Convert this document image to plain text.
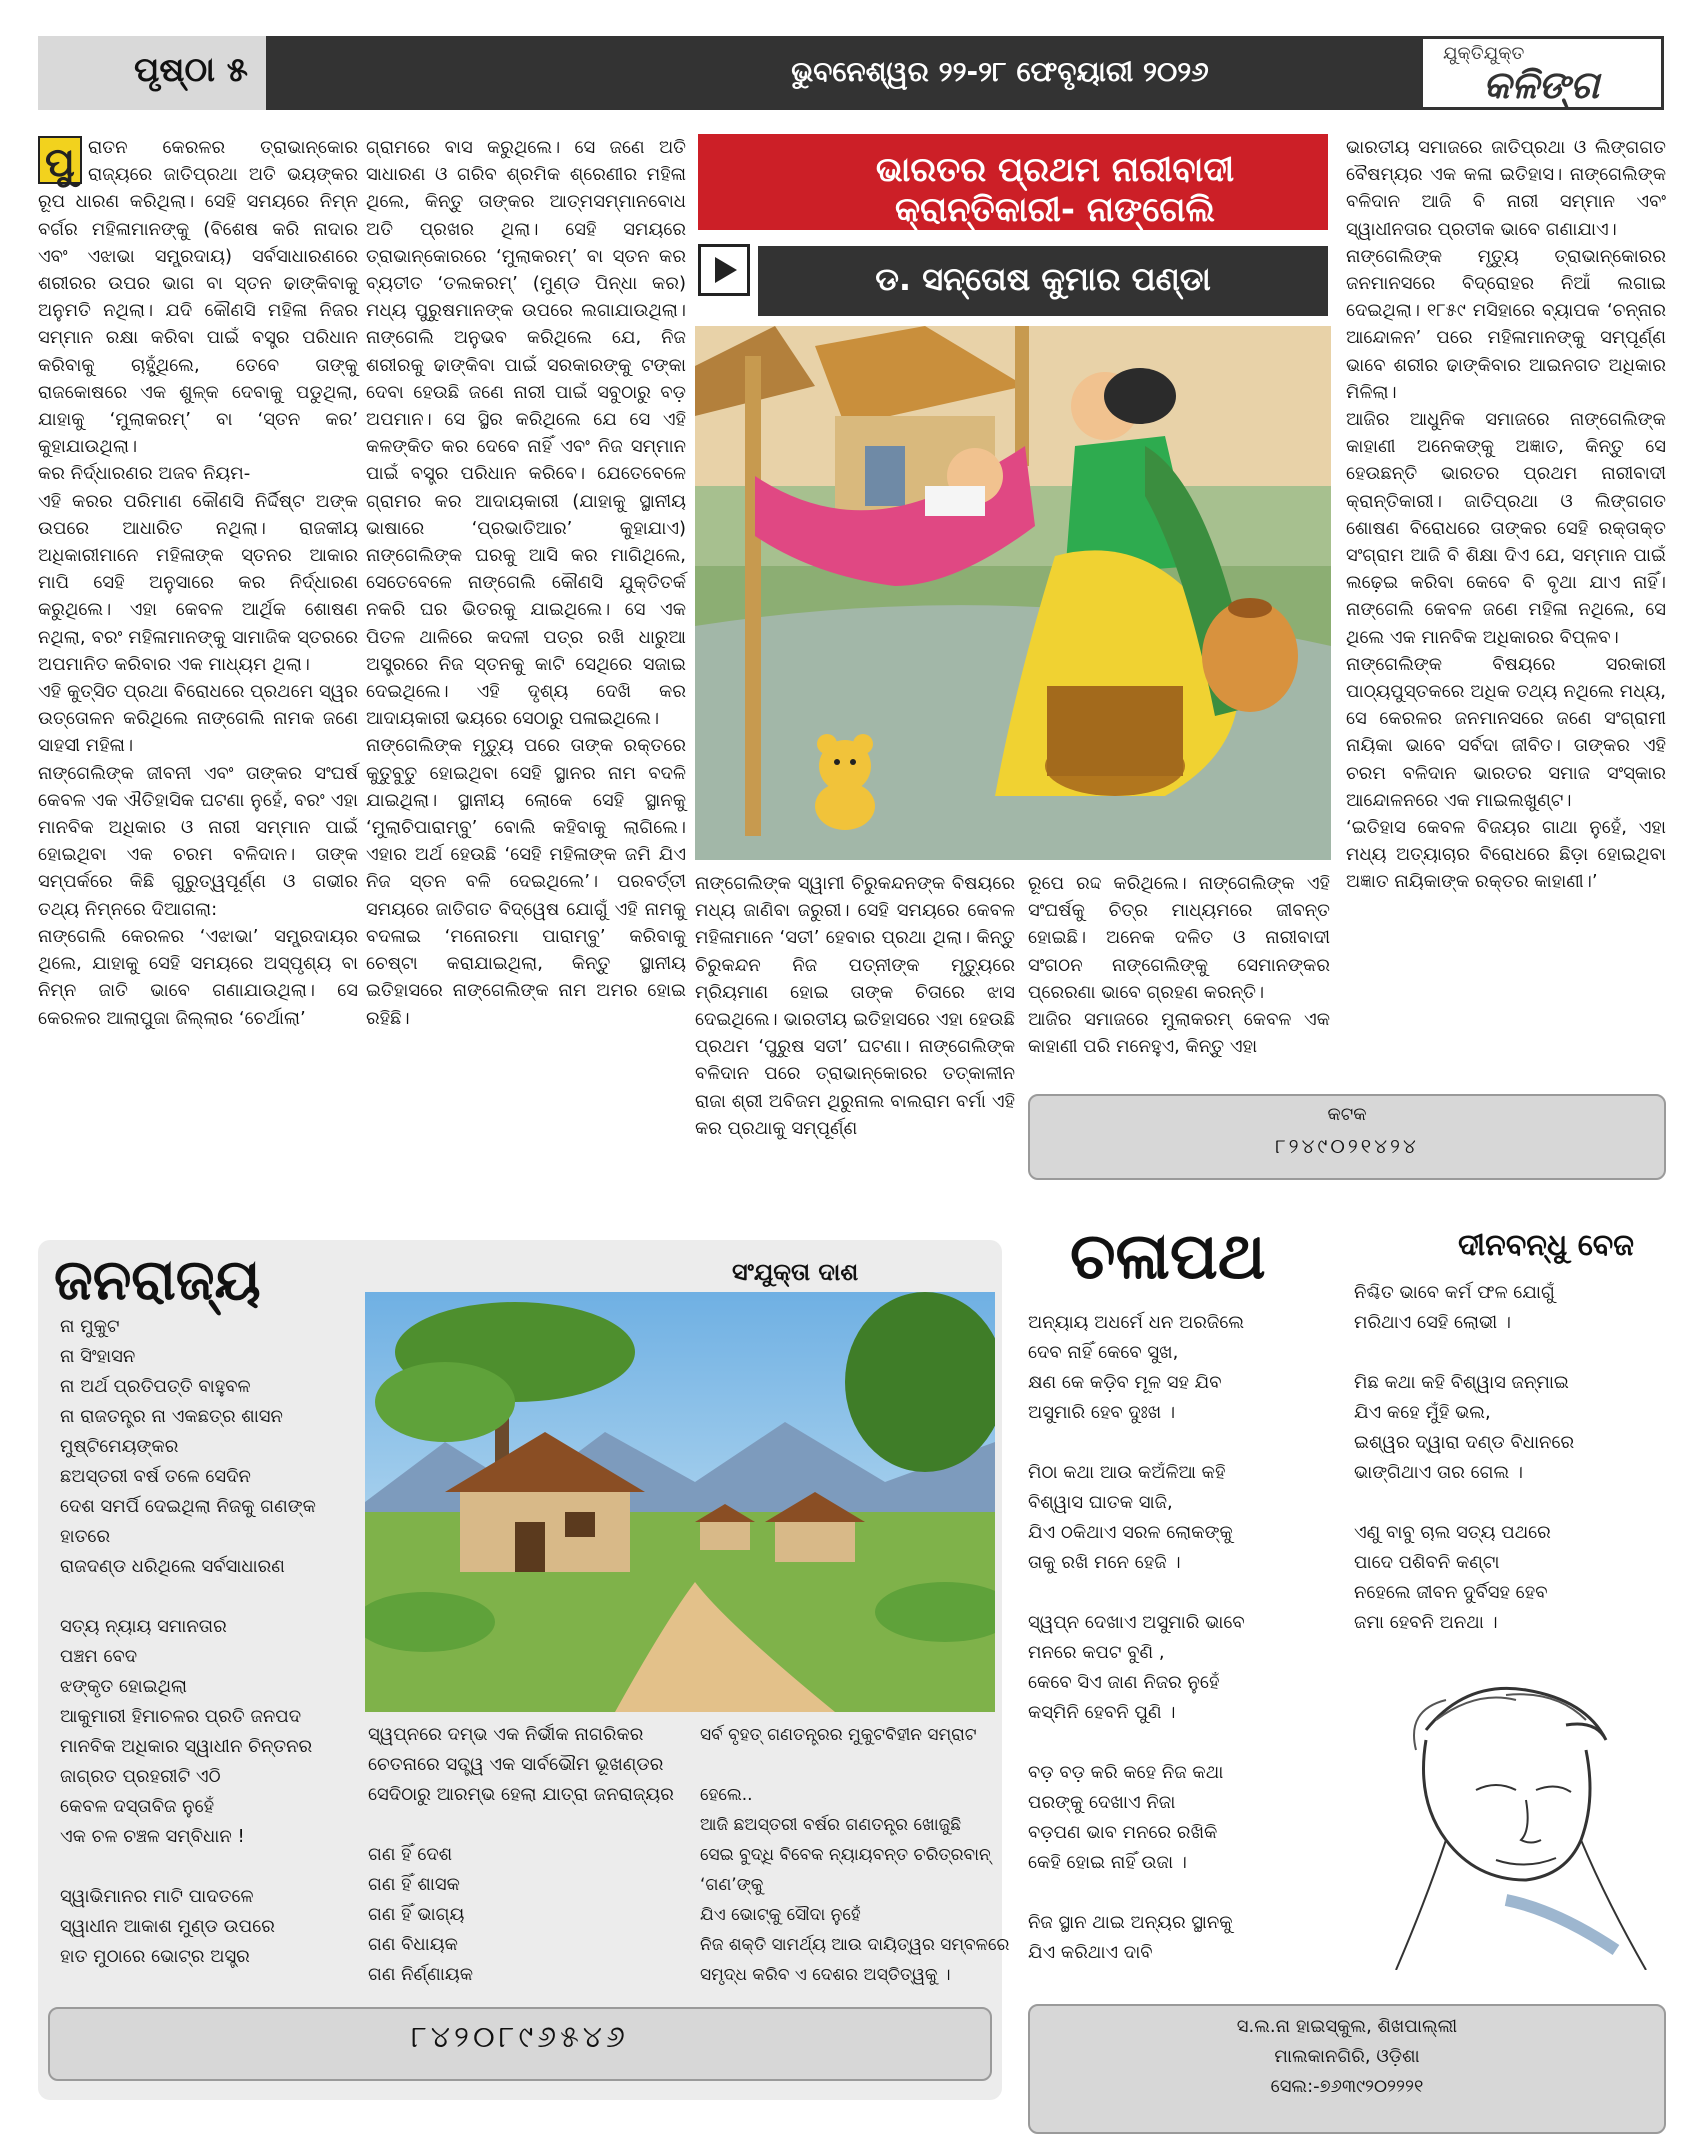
ପୃଷ୍ଠା ୫	ଭୁବନେଶ୍ୱର ୨୨-୨୮ ଫେବୃୟାରୀ ୨୦୨୬
ଯୁକ୍ତିଯୁକ୍ତ
କଳିଙ୍ଗ
ପୁ ରାତନ କେରଳର ତ୍ରାଭାନ୍‌କୋର ରାଜ୍ୟରେ ଜାତିପ୍ରଥା ଅତି ଭୟଙ୍କର ରୂପ ଧାରଣ କରିଥିଲା। ସେହି ସମୟରେ ନିମ୍ନ ବର୍ଗର ମହିଳାମାନଙ୍କୁ (ବିଶେଷ କରି ନାଦାର ଏବଂ ଏଝାଭା ସମ୍ପ୍ରଦାୟ) ସର୍ବସାଧାରଣରେ ଶରୀରର ଉପର ଭାଗ ବା ସ୍ତନ ଢାଙ୍କିବାକୁ ଅନୁମତି ନଥିଲା। ଯଦି କୌଣସି ମହିଳା ନିଜର ସମ୍ମାନ ରକ୍ଷା କରିବା ପାଇଁ ବସ୍ତ୍ର ପରିଧାନ କରିବାକୁ ଚାହୁଁଥିଲେ, ତେବେ ତାଙ୍କୁ ରାଜକୋଷରେ ଏକ ଶୁଳ୍କ ଦେବାକୁ ପଡୁଥିଲା, ଯାହାକୁ ‘ମୁଲାକରମ୍’ ବା ‘ସ୍ତନ କର’ କୁହାଯାଉଥିଲା।

କର ନିର୍ଦ୍ଧାରଣର ଅଜବ ନିୟମ-

ଏହି କରର ପରିମାଣ କୌଣସି ନିର୍ଦ୍ଦିଷ୍ଟ ଅଙ୍କ ଉପରେ ଆଧାରିତ ନଥିଲା। ରାଜକୀୟ ଅଧିକାରୀମାନେ ମହିଳାଙ୍କ ସ୍ତନର ଆକାର ମାପି ସେହି ଅନୁସାରେ କର ନିର୍ଦ୍ଧାରଣ କରୁଥିଲେ। ଏହା କେବଳ ଆର୍ଥିକ ଶୋଷଣ ନଥିଲା, ବରଂ ମହିଳାମାନଙ୍କୁ ସାମାଜିକ ସ୍ତରରେ ଅପମାନିତ କରିବାର ଏକ ମାଧ୍ୟମ ଥିଲା।

ଏହି କୁତ୍ସିତ ପ୍ରଥା ବିରୋଧରେ ପ୍ରଥମେ ସ୍ୱର ଉତ୍ତୋଳନ କରିଥିଲେ ନାଙ୍ଗେଲି ନାମକ ଜଣେ ସାହସୀ ମହିଳା।

ନାଙ୍ଗେଲିଙ୍କ ଜୀବନୀ ଏବଂ ତାଙ୍କର ସଂଘର୍ଷ କେବଳ ଏକ ଐତିହାସିକ ଘଟଣା ନୁହେଁ, ବରଂ ଏହା ମାନବିକ ଅଧିକାର ଓ ନାରୀ ସମ୍ମାନ ପାଇଁ ହୋଇଥିବା ଏକ ଚରମ ବଳିଦାନ। ତାଙ୍କ ସମ୍ପର୍କରେ କିଛି ଗୁରୁତ୍ୱପୂର୍ଣ୍ଣ ଓ ଗଭୀର ତଥ୍ୟ ନିମ୍ନରେ ଦିଆଗଲା:

ନାଙ୍ଗେଲି କେରଳର ‘ଏଝାଭା’ ସମ୍ପ୍ରଦାୟର ଥିଲେ, ଯାହାକୁ ସେହି ସମୟରେ ଅସ୍ପୃଶ୍ୟ ବା ନିମ୍ନ ଜାତି ଭାବେ ଗଣାଯାଉଥିଲା। ସେ କେରଳର ଆଲାପୁଜା ଜିଲ୍ଲାର ‘ଚେର୍ଥାଲା’

ଗ୍ରାମରେ ବାସ କରୁଥିଲେ। ସେ ଜଣେ ଅତି ସାଧାରଣ ଓ ଗରିବ ଶ୍ରମିକ ଶ୍ରେଣୀର ମହିଳା ଥିଲେ, କିନ୍ତୁ ତାଙ୍କର ଆତ୍ମସମ୍ମାନବୋଧ ଅତି ପ୍ରଖର ଥିଲା। ସେହି ସମୟରେ ତ୍ରାଭାନ୍‌କୋରରେ ‘ମୁଲାକରମ୍’ ବା ସ୍ତନ କର ବ୍ୟତୀତ ‘ତଲକରମ୍’ (ମୁଣ୍ଡ ପିନ୍ଧା କର) ମଧ୍ୟ ପୁରୁଷମାନଙ୍କ ଉପରେ ଲଗାଯାଉଥିଲା। ନାଙ୍ଗେଲି ଅନୁଭବ କରିଥିଲେ ଯେ, ନିଜ ଶରୀରକୁ ଢାଙ୍କିବା ପାଇଁ ସରକାରଙ୍କୁ ଟଙ୍କା ଦେବା ହେଉଛି ଜଣେ ନାରୀ ପାଇଁ ସବୁଠାରୁ ବଡ଼ ଅପମାନ। ସେ ସ୍ଥିର କରିଥିଲେ ଯେ ସେ ଏହି କଳଙ୍କିତ କର ଦେବେ ନାହିଁ ଏବଂ ନିଜ ସମ୍ମାନ ପାଇଁ ବସ୍ତ୍ର ପରିଧାନ କରିବେ। ଯେତେବେଳେ ଗ୍ରାମର କର ଆଦାୟକାରୀ (ଯାହାକୁ ସ୍ଥାନୀୟ ଭାଷାରେ ‘ପ୍ରଭାତିଆର’ କୁହାଯାଏ) ନାଙ୍ଗେଲିଙ୍କ ଘରକୁ ଆସି କର ମାଗିଥିଲେ, ସେତେବେଳେ ନାଙ୍ଗେଲି କୌଣସି ଯୁକ୍ତିତର୍କ ନକରି ଘର ଭିତରକୁ ଯାଇଥିଲେ। ସେ ଏକ ପିତଳ ଥାଳିରେ କଦଳୀ ପତ୍ର ରଖି ଧାରୁଆ ଅସ୍ତ୍ରରେ ନିଜ ସ୍ତନକୁ କାଟି ସେଥିରେ ସଜାଇ ଦେଇଥିଲେ। ଏହି ଦୃଶ୍ୟ ଦେଖି କର ଆଦାୟକାରୀ ଭୟରେ ସେଠାରୁ ପଳାଇଥିଲେ।

ନାଙ୍ଗେଲିଙ୍କ ମୃତ୍ୟୁ ପରେ ତାଙ୍କ ରକ୍ତରେ କୁତୁବୁତୁ ହୋଇଥିବା ସେହି ସ୍ଥାନର ନାମ ବଦଳି ଯାଇଥିଲା। ସ୍ଥାନୀୟ ଲୋକେ ସେହି ସ୍ଥାନକୁ ‘ମୁଲାଚିପାରାମ୍ବୁ’ ବୋଲି କହିବାକୁ ଲାଗିଲେ। ଏହାର ଅର୍ଥ ହେଉଛି ‘ସେହି ମହିଳାଙ୍କ ଜମି ଯିଏ ନିଜ ସ୍ତନ ବଳି ଦେଇଥିଲେ’। ପରବର୍ତ୍ତୀ ସମୟରେ ଜାତିଗତ ବିଦ୍ୱେଷ ଯୋଗୁଁ ଏହି ନାମକୁ ବଦଳାଇ ‘ମନୋରମା ପାରାମ୍ବୁ’ କରିବାକୁ ଚେଷ୍ଟା କରାଯାଇଥିଲା, କିନ୍ତୁ ସ୍ଥାନୀୟ ଇତିହାସରେ ନାଙ୍ଗେଲିଙ୍କ ନାମ ଅମର ହୋଇ ରହିଛି।

ଭାରତର ପ୍ରଥମ ନାରୀବାଦୀ କ୍ରାନ୍ତିକାରୀ- ନାଙ୍ଗେଲି
ଡ. ସନ୍ତୋଷ କୁମାର ପଣ୍ଡା

ନାଙ୍ଗେଲିଙ୍କ ସ୍ୱାମୀ ଚିରୁକନ୍ଦନଙ୍କ ବିଷୟରେ ମଧ୍ୟ ଜାଣିବା ଜରୁରୀ। ସେହି ସମୟରେ କେବଳ ମହିଳାମାନେ ‘ସତୀ’ ହେବାର ପ୍ରଥା ଥିଲା। କିନ୍ତୁ ଚିରୁକନ୍ଦନ ନିଜ ପତ୍ନୀଙ୍କ ମୃତ୍ୟୁରେ ମ୍ରିୟମାଣ ହୋଇ ତାଙ୍କ ଚିତାରେ ଝାସ ଦେଇଥିଲେ। ଭାରତୀୟ ଇତିହାସରେ ଏହା ହେଉଛି ପ୍ରଥମ ‘ପୁରୁଷ ସତୀ’ ଘଟଣା। ନାଙ୍ଗେଲିଙ୍କ ବଳିଦାନ ପରେ ତ୍ରାଭାନ୍‌କୋରର ତତ୍କାଳୀନ ରାଜା ଶ୍ରୀ ଅବିଜମ ଥିରୁନାଲ ବାଲରାମ ବର୍ମା ଏହି କର ପ୍ରଥାକୁ ସମ୍ପୂର୍ଣ୍ଣ

ରୂପେ ରଦ୍ଦ କରିଥିଲେ। ନାଙ୍ଗେଲିଙ୍କ ଏହି ସଂଘର୍ଷକୁ ଚିତ୍ର ମାଧ୍ୟମରେ ଜୀବନ୍ତ ହୋଇଛି। ଅନେକ ଦଳିତ ଓ ନାରୀବାଦୀ ସଂଗଠନ ନାଙ୍ଗେଲିଙ୍କୁ ସେମାନଙ୍କର ପ୍ରେରଣା ଭାବେ ଗ୍ରହଣ କରନ୍ତି।

ଆଜିର ସମାଜରେ ମୁଲାକରମ୍ କେବଳ ଏକ କାହାଣୀ ପରି ମନେହୁଏ, କିନ୍ତୁ ଏହା

ଭାରତୀୟ ସମାଜରେ ଜାତିପ୍ରଥା ଓ ଲିଙ୍ଗଗତ ବୈଷମ୍ୟର ଏକ କଳା ଇତିହାସ। ନାଙ୍ଗେଲିଙ୍କ ବଳିଦାନ ଆଜି ବି ନାରୀ ସମ୍ମାନ ଏବଂ ସ୍ୱାଧୀନତାର ପ୍ରତୀକ ଭାବେ ଗଣାଯାଏ।

ନାଙ୍ଗେଲିଙ୍କ ମୃତ୍ୟୁ ତ୍ରାଭାନ୍‌କୋରର ଜନମାନସରେ ବିଦ୍ରୋହର ନିଆଁ ଲଗାଇ ଦେଇଥିଲା। ୧୮୫୯ ମସିହାରେ ବ୍ୟାପକ ‘ଚନ୍ନାର ଆନ୍ଦୋଳନ’ ପରେ ମହିଳାମାନଙ୍କୁ ସମ୍ପୂର୍ଣ୍ଣ ଭାବେ ଶରୀର ଢାଙ୍କିବାର ଆଇନଗତ ଅଧିକାର ମିଳିଲା।

ଆଜିର ଆଧୁନିକ ସମାଜରେ ନାଙ୍ଗେଲିଙ୍କ କାହାଣୀ ଅନେକଙ୍କୁ ଅଜ୍ଞାତ, କିନ୍ତୁ ସେ ହେଉଛନ୍ତି ଭାରତର ପ୍ରଥମ ନାରୀବାଦୀ କ୍ରାନ୍ତିକାରୀ। ଜାତିପ୍ରଥା ଓ ଲିଙ୍ଗଗତ ଶୋଷଣ ବିରୋଧରେ ତାଙ୍କର ସେହି ରକ୍ତାକ୍ତ ସଂଗ୍ରାମ ଆଜି ବି ଶିକ୍ଷା ଦିଏ ଯେ, ସମ୍ମାନ ପାଇଁ ଲଢ଼େଇ କରିବା କେବେ ବି ବୃଥା ଯାଏ ନାହିଁ। ନାଙ୍ଗେଲି କେବଳ ଜଣେ ମହିଳା ନଥିଲେ, ସେ ଥିଲେ ଏକ ମାନବିକ ଅଧିକାରର ବିପ୍ଳବ।

ନାଙ୍ଗେଲିଙ୍କ ବିଷୟରେ ସରକାରୀ ପାଠ୍ୟପୁସ୍ତକରେ ଅଧିକ ତଥ୍ୟ ନଥିଲେ ମଧ୍ୟ, ସେ କେରଳର ଜନମାନସରେ ଜଣେ ସଂଗ୍ରାମୀ ନାୟିକା ଭାବେ ସର୍ବଦା ଜୀବିତ। ତାଙ୍କର ଏହି ଚରମ ବଳିଦାନ ଭାରତର ସମାଜ ସଂସ୍କାର ଆନ୍ଦୋଳନରେ ଏକ ମାଇଲଖୁଣ୍ଟ।

‘ଇତିହାସ କେବଳ ବିଜୟର ଗାଥା ନୁହେଁ, ଏହା ମଧ୍ୟ ଅତ୍ୟାଚାର ବିରୋଧରେ ଛିଡ଼ା ହୋଇଥିବା ଅଜ୍ଞାତ ନାୟିକାଙ୍କ ରକ୍ତର କାହାଣୀ।’

କଟକ
୮୨୪୯୦୨୧୪୨୪
ଜନରାଜ୍ୟ	ସଂଯୁକ୍ତା ଦାଶ
ନା ମୁକୁଟ
ନା ସିଂହାସନ
ନା ଅର୍ଥ ପ୍ରତିପତ୍ତି ବାହୁବଳ
ନା ରାଜତନ୍ତ୍ର ନା ଏକଛତ୍ର ଶାସନ
ମୁଷ୍ଟିମେୟଙ୍କର
ଛଅସ୍ତରୀ ବର୍ଷ ତଳେ ସେଦିନ
ଦେଶ ସମର୍ପି ଦେଇଥିଲା ନିଜକୁ ଗଣଙ୍କ
ହାତରେ
ରାଜଦଣ୍ଡ ଧରିଥିଲେ ସର୍ବସାଧାରଣ
ସତ୍ୟ ନ୍ୟାୟ ସମାନତାର
ପଞ୍ଚମ ବେଦ
ଝଙ୍କୃତ ହୋଇଥିଲା
ଆକୁମାରୀ ହିମାଚଳର ପ୍ରତି ଜନପଦ
ମାନବିକ ଅଧିକାର ସ୍ୱାଧୀନ ଚିନ୍ତନର
ଜାଗ୍ରତ ପ୍ରହରୀଟି ଏଠି
କେବଳ ଦସ୍ତାବିଜ ନୁହେଁ
ଏକ ଚଳ ଚଞ୍ଚଳ ସମ୍ବିଧାନ !
ସ୍ୱାଭିମାନର ମାଟି ପାଦତଳେ
ସ୍ୱାଧୀନ ଆକାଶ ମୁଣ୍ଡ ଉପରେ
ହାତ ମୁଠାରେ ଭୋଟ୍ର ଅସ୍ତ୍ର
ସ୍ୱପ୍ନରେ ଦମ୍ଭ ଏକ ନିର୍ଭୀକ ନାଗରିକର
ଚେତନାରେ ସତ୍ତ୍ୱ ଏକ ସାର୍ବଭୌମ ଭୂଖଣ୍ଡର
ସେଦିଠାରୁ ଆରମ୍ଭ ହେଲା ଯାତ୍ରା ଜନରାଜ୍ୟର
ଗଣ ହିଁ ଦେଶ
ଗଣ ହିଁ ଶାସକ
ଗଣ ହିଁ ଭାଗ୍ୟ
ଗଣ ବିଧାୟକ
ଗଣ ନିର୍ଣ୍ଣାୟକ
ସର୍ବ ବୃହତ୍ ଗଣତନ୍ତ୍ରର ମୁକୁଟବିହୀନ ସମ୍ରାଟ
ହେଲେ..
ଆଜି ଛଅସ୍ତରୀ ବର୍ଷର ଗଣତନ୍ତ୍ର ଖୋଜୁଛି
ସେଇ ବୁଦ୍ଧି ବିବେକ ନ୍ୟାୟବନ୍ତ ଚରିତ୍ରବାନ୍
‘ଗଣ’ଙ୍କୁ
ଯିଏ ଭୋଟ୍‌କୁ ସୌଦା ନୁହେଁ
ନିଜ ଶକ୍ତି ସାମର୍ଥ୍ୟ ଆଉ ଦାୟିତ୍ୱର ସମ୍ବଳରେ
ସମୃଦ୍ଧ କରିବ ଏ ଦେଶର ଅସ୍ତିତ୍ୱକୁ ।
୮୪୨୦୮୯୬୫୪୬
ଚଳାପଥ	ଦୀନବନ୍ଧୁ ବେଜ
ଅନ୍ୟାୟ ଅଧର୍ମେ ଧନ ଅରଜିଲେ
ଦେବ ନାହିଁ କେବେ ସୁଖ,
କ୍ଷଣ କେ କଡ଼ିବ ମୂଳ ସହ ଯିବ
ଅସୁମାରି ହେବ ଦୁଃଖ ।
ମିଠା କଥା ଆଉ କଅଁଳିଆ କହି
ବିଶ୍ୱାସ ଘାତକ ସାଜି,
ଯିଏ ଠକିଥାଏ ସରଳ ଲୋକଙ୍କୁ
ତାକୁ ରଖି ମନେ ହେଜି ।
ସ୍ୱପ୍ନ ଦେଖାଏ ଅସୁମାରି ଭାବେ
ମନରେ କପଟ ବୁଣି ,
କେବେ ସିଏ ଜାଣ ନିଜର ନୁହେଁ
କସ୍ମିନି ହେବନି ପୁଣି ।
ବଡ଼ ବଡ଼ କରି କହେ ନିଜ କଥା
ପରଙ୍କୁ ଦେଖାଏ ନିଜା
ବଡ଼ପଣ ଭାବ ମନରେ ରଖିକି
କେହି ହୋଇ ନାହିଁ ଉଜା ।
ନିଜ ସ୍ଥାନ ଥାଇ ଅନ୍ୟର ସ୍ଥାନକୁ
ଯିଏ କରିଥାଏ ଦାବି
ନିଶ୍ଚିତ ଭାବେ କର୍ମ ଫଳ ଯୋଗୁଁ
ମରିଥାଏ ସେହି ଲୋଭୀ ।
ମିଛ କଥା କହି ବିଶ୍ୱାସ ଜନ୍ମାଇ
ଯିଏ କହେ ମୁଁହି ଭଲ,
ଇଶ୍ୱର ଦ୍ୱାରା ଦଣ୍ଡ ବିଧାନରେ
ଭାଙ୍ଗିଥାଏ ତାର ଗେଲ ।
ଏଣୁ ବାବୁ ଚାଲ ସତ୍ୟ ପଥରେ
ପାଦେ ପଶିବନି କଣ୍ଟା
ନହେଲେ ଜୀବନ ଦୁର୍ବିସହ ହେବ
ଜମା ହେବନି ଅନଥା ।
ସ.ଲ.ନା ହାଇସ୍କୁଲ, ଶିଖପାଲ୍ଲୀ
ମାଲକାନଗିରି, ଓଡ଼ିଶା
ସେଲ:-୭୬୩୯୨୦୨୨୨୧
